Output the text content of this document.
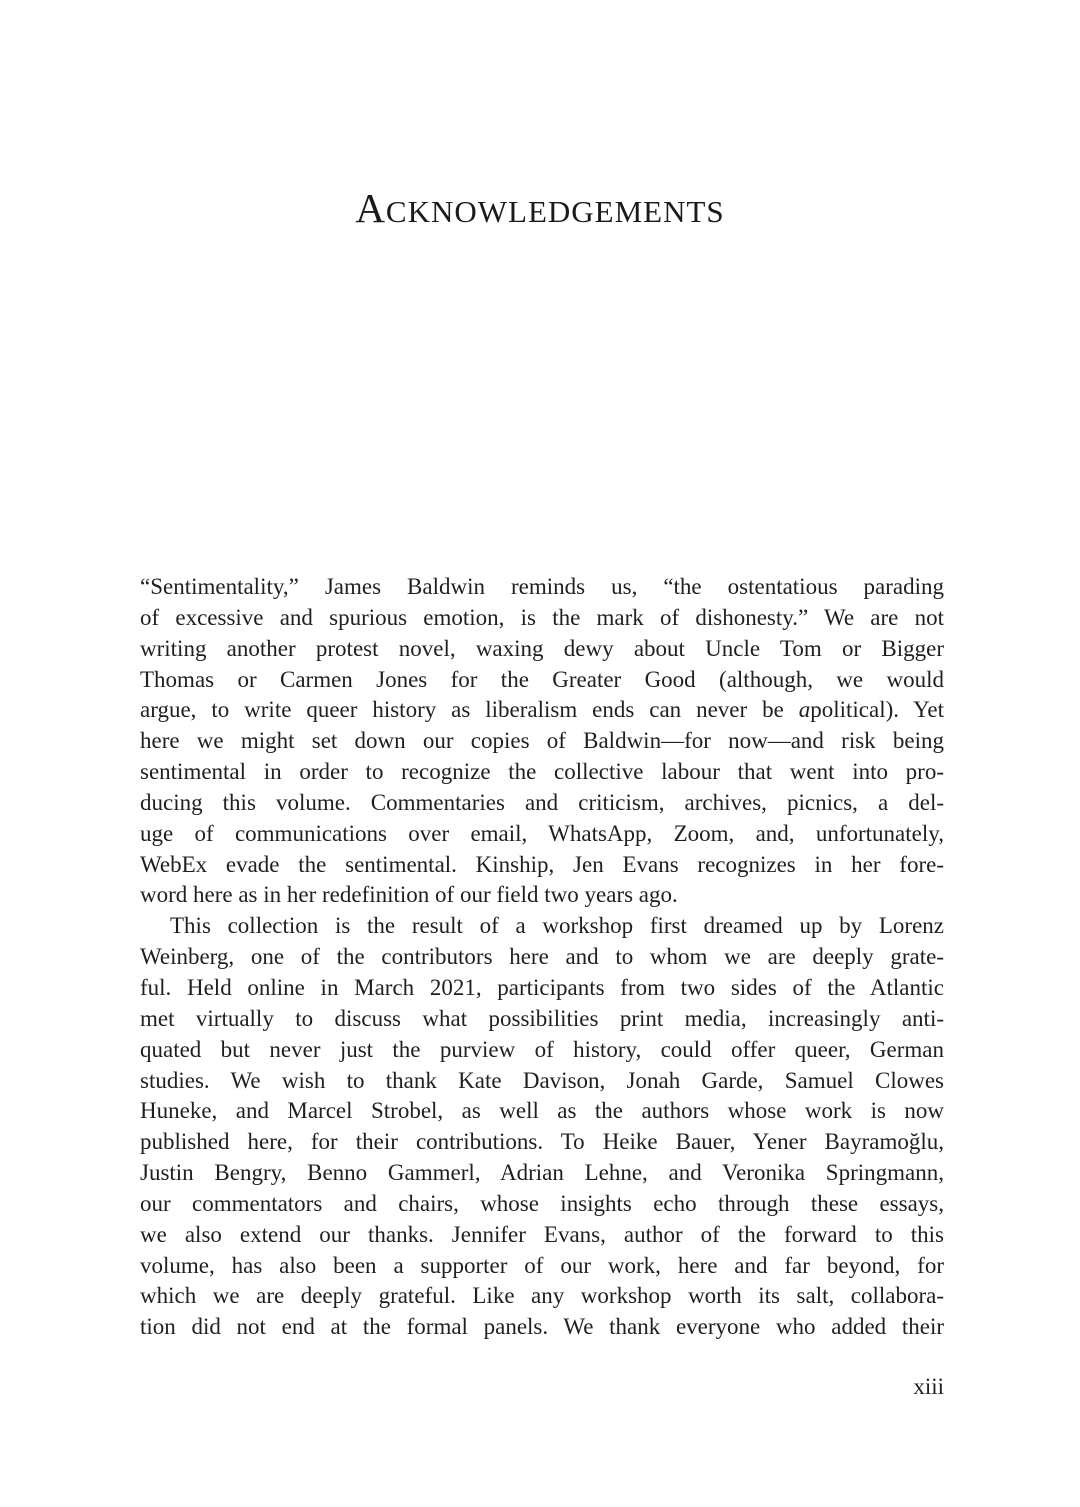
ACKNOWLEDGEMENTS
“Sentimentality,” James Baldwin reminds us, “the ostentatious parading
of excessive and spurious emotion, is the mark of dishonesty.” We are not
writing another protest novel, waxing dewy about Uncle Tom or Bigger
Thomas or Carmen Jones for the Greater Good (although, we would
argue, to write queer history as liberalism ends can never be apolitical). Yet
here we might set down our copies of Baldwin—for now—and risk being
sentimental in order to recognize the collective labour that went into pro-
ducing this volume. Commentaries and criticism, archives, picnics, a del-
uge of communications over email, WhatsApp, Zoom, and, unfortunately,
WebEx evade the sentimental. Kinship, Jen Evans recognizes in her fore-
word here as in her redefinition of our field two years ago.
This collection is the result of a workshop first dreamed up by Lorenz
Weinberg, one of the contributors here and to whom we are deeply grate-
ful. Held online in March 2021, participants from two sides of the Atlantic
met virtually to discuss what possibilities print media, increasingly anti-
quated but never just the purview of history, could offer queer, German
studies. We wish to thank Kate Davison, Jonah Garde, Samuel Clowes
Huneke, and Marcel Strobel, as well as the authors whose work is now
published here, for their contributions. To Heike Bauer, Yener Bayramoğlu,
Justin Bengry, Benno Gammerl, Adrian Lehne, and Veronika Springmann,
our commentators and chairs, whose insights echo through these essays,
we also extend our thanks. Jennifer Evans, author of the forward to this
volume, has also been a supporter of our work, here and far beyond, for
which we are deeply grateful. Like any workshop worth its salt, collabora-
tion did not end at the formal panels. We thank everyone who added their
xiii
